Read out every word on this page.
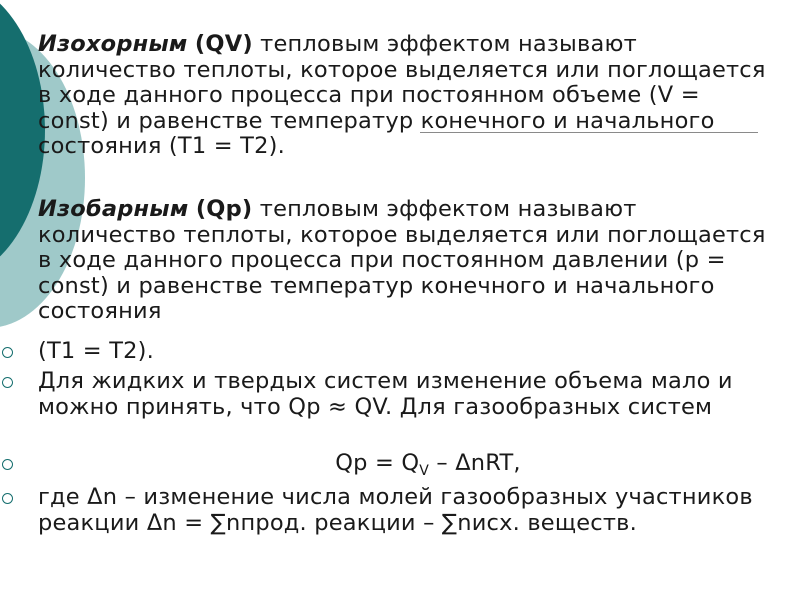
Изохорным (QV) тепловым эффектом называют количество теплоты, которое выделяется или поглощается в ходе данного процесса при постоянном объеме (V = const) и равенстве температур конечного и начального состояния (T1 = T2).

Изобарным (Qp) тепловым эффектом называют количество теплоты, которое выделяется или поглощается в ходе данного процесса при постоянном давлении (p = const) и равенстве температур конечного и начального состояния

(T1 = T2).

Для жидких и твердых систем изменение объема мало и можно принять, что Qp ≈ QV. Для газообразных систем

$Qp = Q_V - \Delta nRT$,

где Δn – изменение числа молей газообразных участников реакции Δn = ∑nпрод. реакции – ∑nисх. веществ.
